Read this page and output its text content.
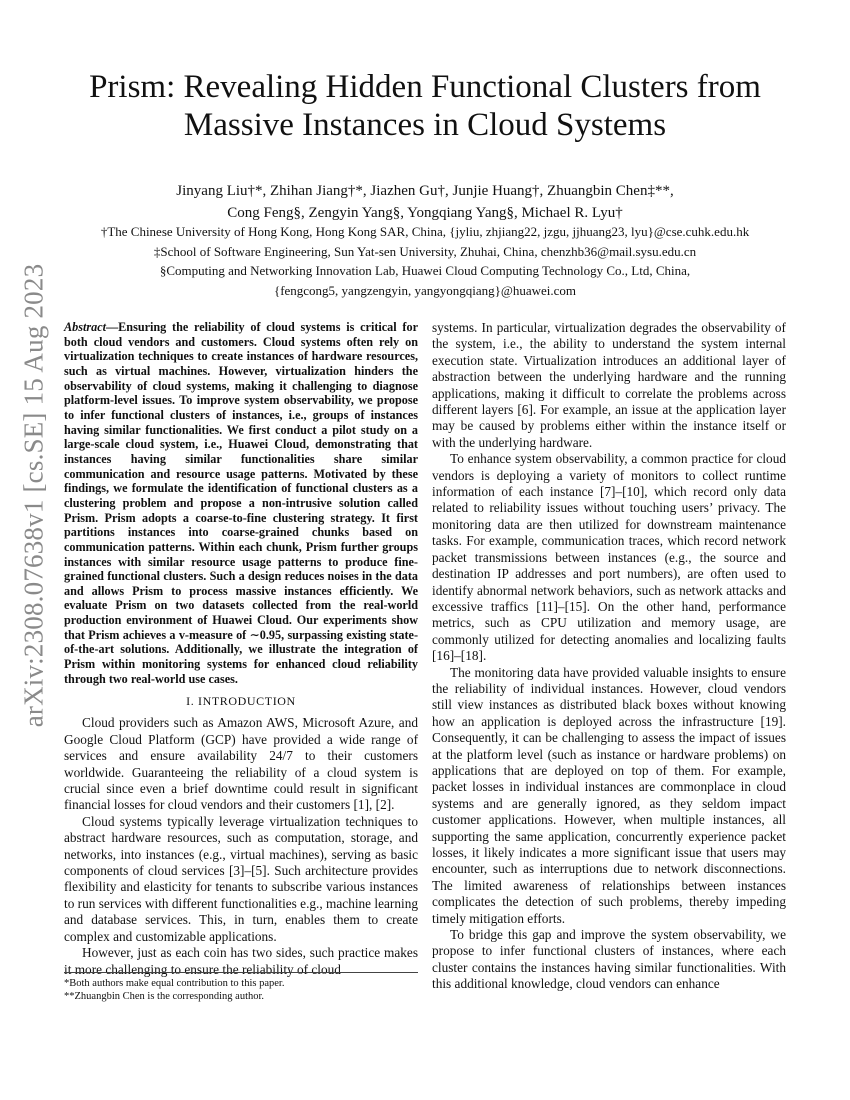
arXiv:2308.07638v1 [cs.SE] 15 Aug 2023
Prism: Revealing Hidden Functional Clusters from Massive Instances in Cloud Systems
Jinyang Liu†*, Zhihan Jiang†*, Jiazhen Gu†, Junjie Huang†, Zhuangbin Chen‡**,
Cong Feng§, Zengyin Yang§, Yongqiang Yang§, Michael R. Lyu†
†The Chinese University of Hong Kong, Hong Kong SAR, China, {jyliu, zhjiang22, jzgu, jjhuang23, lyu}@cse.cuhk.edu.hk
‡School of Software Engineering, Sun Yat-sen University, Zhuhai, China, chenzhb36@mail.sysu.edu.cn
§Computing and Networking Innovation Lab, Huawei Cloud Computing Technology Co., Ltd, China,
{fengcong5, yangzengyin, yangyongqiang}@huawei.com

Abstract—Ensuring the reliability of cloud systems is critical for both cloud vendors and customers. Cloud systems often rely on virtualization techniques to create instances of hardware resources, such as virtual machines. However, virtualization hinders the observability of cloud systems, making it challenging to diagnose platform-level issues. To improve system observability, we propose to infer functional clusters of instances, i.e., groups of instances having similar functionalities. We first conduct a pilot study on a large-scale cloud system, i.e., Huawei Cloud, demonstrating that instances having similar functionalities share similar communication and resource usage patterns. Motivated by these findings, we formulate the identification of functional clusters as a clustering problem and propose a non-intrusive solution called Prism. Prism adopts a coarse-to-fine clustering strategy. It first partitions instances into coarse-grained chunks based on communication patterns. Within each chunk, Prism further groups instances with similar resource usage patterns to produce fine-grained functional clusters. Such a design reduces noises in the data and allows Prism to process massive instances efficiently. We evaluate Prism on two datasets collected from the real-world production environment of Huawei Cloud. Our experiments show that Prism achieves a v-measure of ∼0.95, surpassing existing state-of-the-art solutions. Additionally, we illustrate the integration of Prism within monitoring systems for enhanced cloud reliability through two real-world use cases.

I. INTRODUCTION

Cloud providers such as Amazon AWS, Microsoft Azure, and Google Cloud Platform (GCP) have provided a wide range of services and ensure availability 24/7 to their customers worldwide. Guaranteeing the reliability of a cloud system is crucial since even a brief downtime could result in significant financial losses for cloud vendors and their customers [1], [2].

Cloud systems typically leverage virtualization techniques to abstract hardware resources, such as computation, storage, and networks, into instances (e.g., virtual machines), serving as basic components of cloud services [3]–[5]. Such architecture provides flexibility and elasticity for tenants to subscribe various instances to run services with different functionalities e.g., machine learning and database services. This, in turn, enables them to create complex and customizable applications.

However, just as each coin has two sides, such practice makes it more challenging to ensure the reliability of cloud

systems. In particular, virtualization degrades the observability of the system, i.e., the ability to understand the system internal execution state. Virtualization introduces an additional layer of abstraction between the underlying hardware and the running applications, making it difficult to correlate the problems across different layers [6]. For example, an issue at the application layer may be caused by problems either within the instance itself or with the underlying hardware.

To enhance system observability, a common practice for cloud vendors is deploying a variety of monitors to collect runtime information of each instance [7]–[10], which record only data related to reliability issues without touching users’ privacy. The monitoring data are then utilized for downstream maintenance tasks. For example, communication traces, which record network packet transmissions between instances (e.g., the source and destination IP addresses and port numbers), are often used to identify abnormal network behaviors, such as network attacks and excessive traffics [11]–[15]. On the other hand, performance metrics, such as CPU utilization and memory usage, are commonly utilized for detecting anomalies and localizing faults [16]–[18].

The monitoring data have provided valuable insights to ensure the reliability of individual instances. However, cloud vendors still view instances as distributed black boxes without knowing how an application is deployed across the infrastructure [19]. Consequently, it can be challenging to assess the impact of issues at the platform level (such as instance or hardware problems) on applications that are deployed on top of them. For example, packet losses in individual instances are commonplace in cloud systems and are generally ignored, as they seldom impact customer applications. However, when multiple instances, all supporting the same application, concurrently experience packet losses, it likely indicates a more significant issue that users may encounter, such as interruptions due to network disconnections. The limited awareness of relationships between instances complicates the detection of such problems, thereby impeding timely mitigation efforts.

To bridge this gap and improve the system observability, we propose to infer functional clusters of instances, where each cluster contains the instances having similar functionalities. With this additional knowledge, cloud vendors can enhance

*Both authors make equal contribution to this paper.
**Zhuangbin Chen is the corresponding author.
